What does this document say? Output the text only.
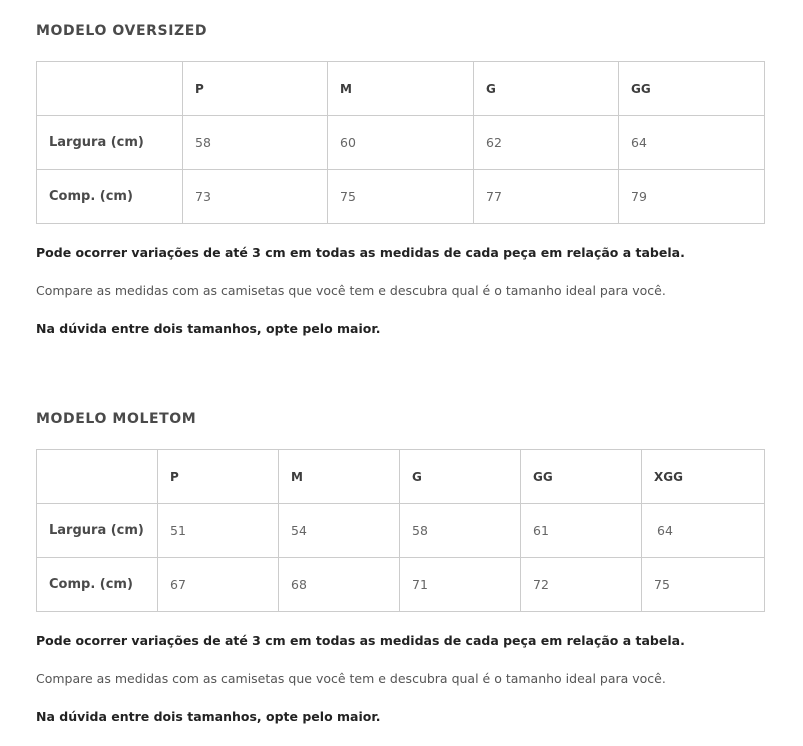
MODELO OVERSIZED
	P	M	G	GG
Largura (cm)	58	60	62	64
Comp. (cm)	73	75	77	79

Pode ocorrer variações de até 3 cm em todas as medidas de cada peça em relação a tabela.

Compare as medidas com as camisetas que você tem e descubra qual é o tamanho ideal para você.

Na dúvida entre dois tamanhos, opte pelo maior.

MODELO MOLETOM
	P	M	G	GG	XGG
Largura (cm)	51	54	58	61	64
Comp. (cm)	67	68	71	72	75

Pode ocorrer variações de até 3 cm em todas as medidas de cada peça em relação a tabela.

Compare as medidas com as camisetas que você tem e descubra qual é o tamanho ideal para você.

Na dúvida entre dois tamanhos, opte pelo maior.
